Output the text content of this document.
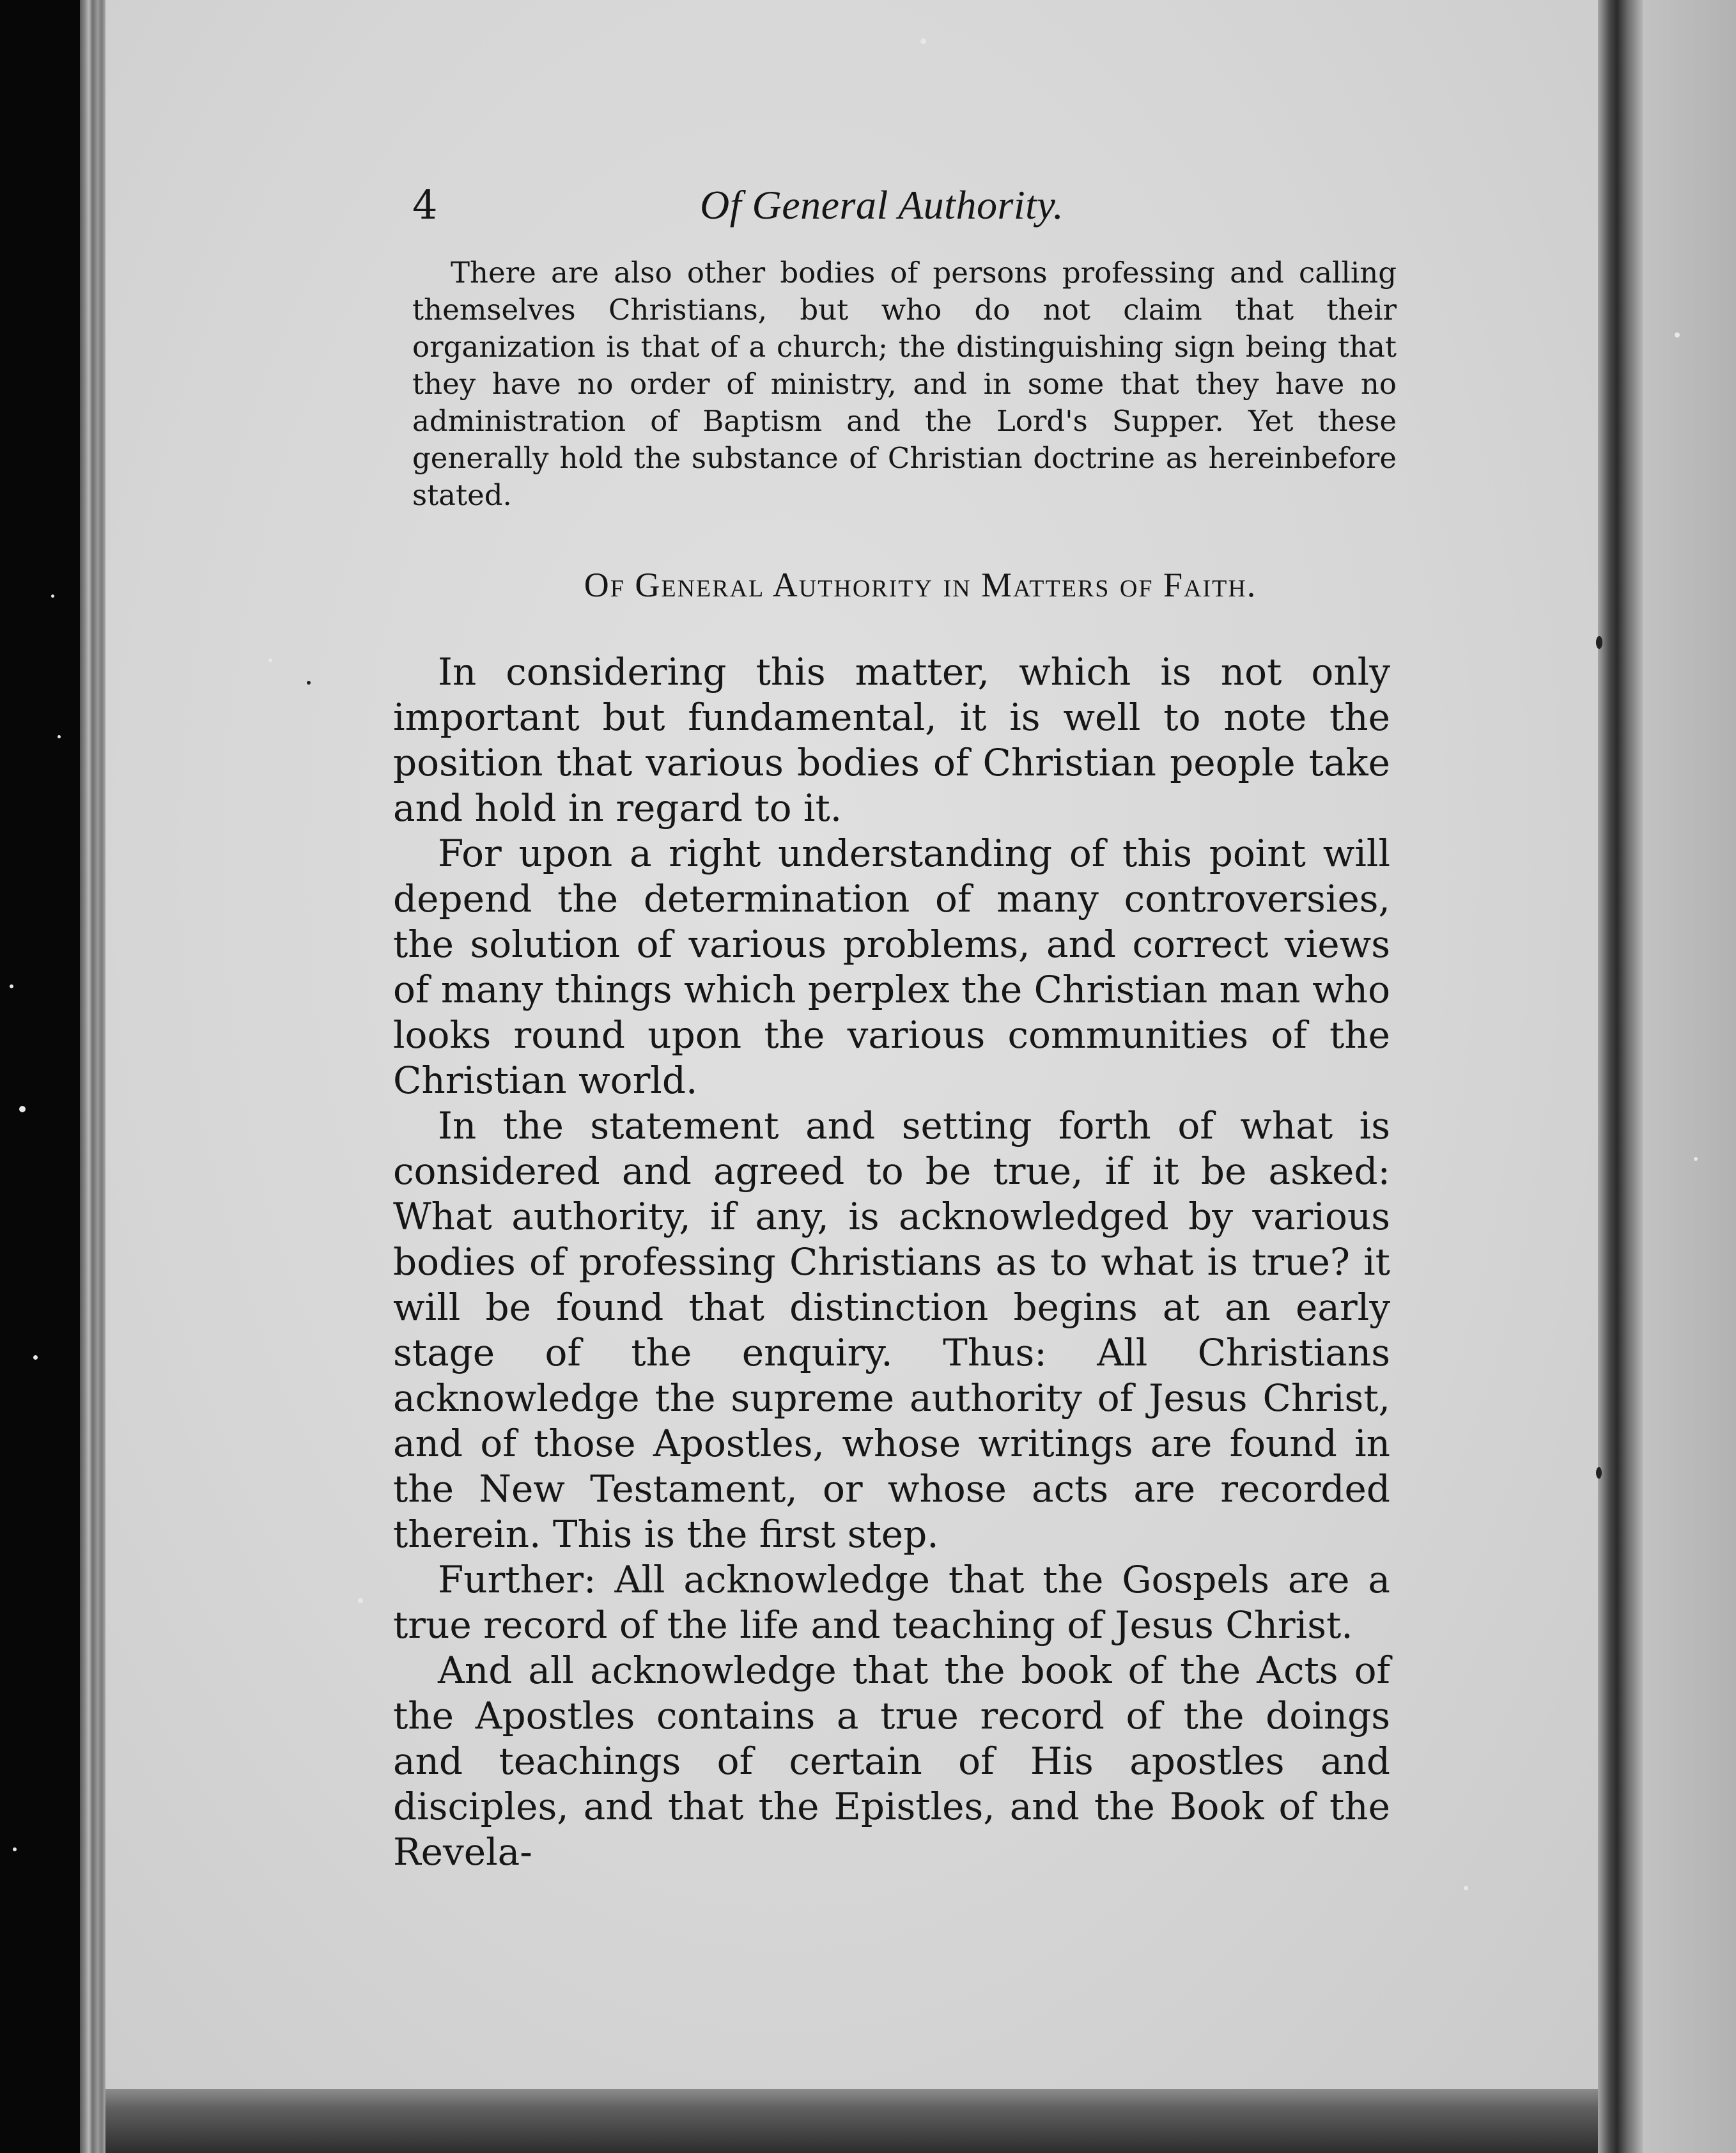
4	Of General Authority.

There are also other bodies of persons professing and calling themselves Christians, but who do not claim that their organization is that of a church; the distinguishing sign being that they have no order of ministry, and in some that they have no administration of Baptism and the Lord's Supper. Yet these generally hold the substance of Christian doctrine as hereinbefore stated.

Of General Authority in Matters of Faith.

In considering this matter, which is not only important but fundamental, it is well to note the position that various bodies of Christian people take and hold in regard to it.

For upon a right understanding of this point will depend the determination of many controversies, the solution of various problems, and correct views of many things which perplex the Christian man who looks round upon the various communities of the Christian world.

In the statement and setting forth of what is considered and agreed to be true, if it be asked: What authority, if any, is acknowledged by various bodies of professing Christians as to what is true? it will be found that distinction begins at an early stage of the enquiry. Thus: All Christians acknowledge the supreme authority of Jesus Christ, and of those Apostles, whose writings are found in the New Testament, or whose acts are recorded therein. This is the first step.

Further: All acknowledge that the Gospels are a true record of the life and teaching of Jesus Christ.

And all acknowledge that the book of the Acts of the Apostles contains a true record of the doings and teachings of certain of His apostles and disciples, and that the Epistles, and the Book of the Revela-
